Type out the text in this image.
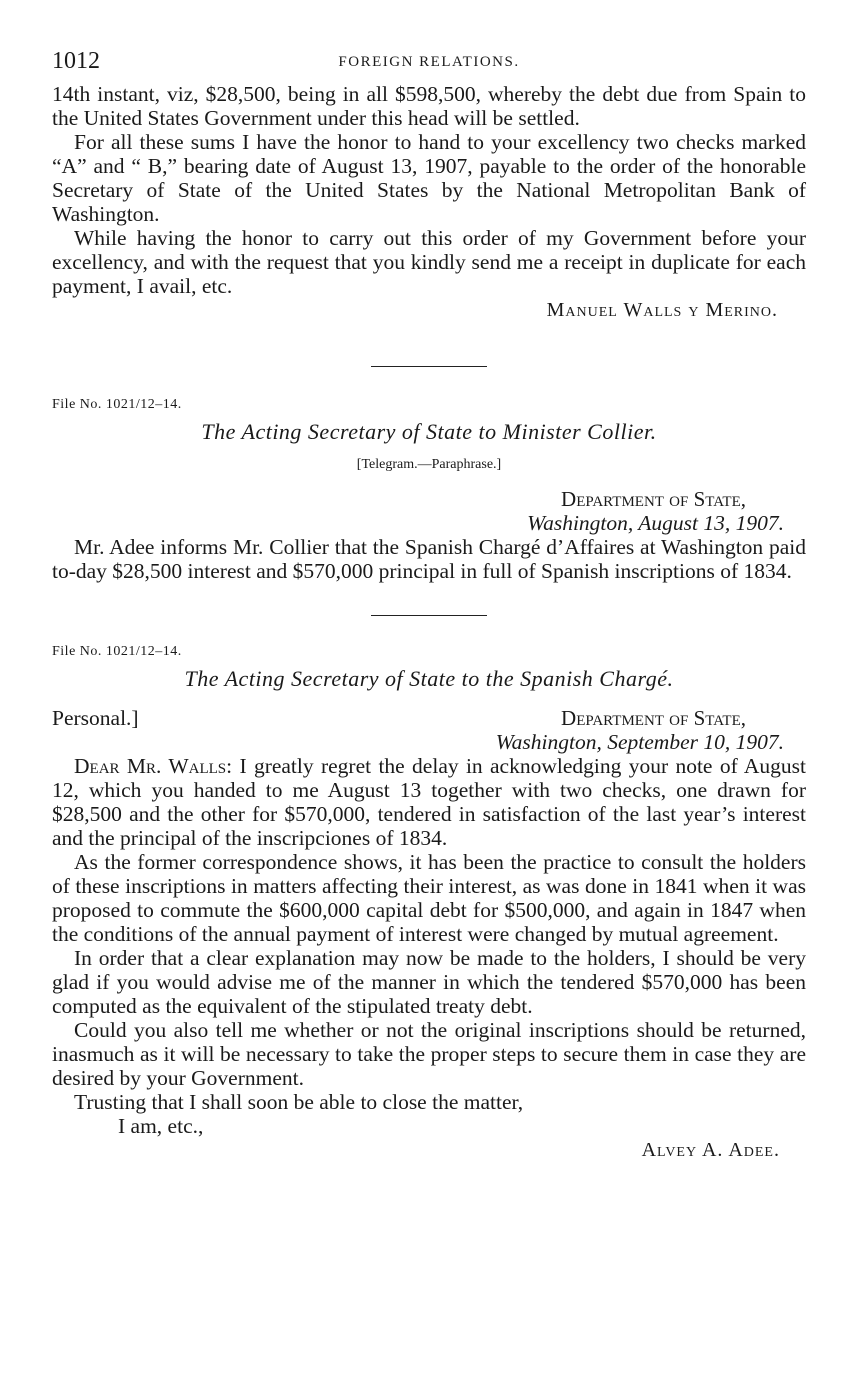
1012	FOREIGN RELATIONS.

14th instant, viz, $28,500, being in all $598,500, whereby the debt due from Spain to the United States Government under this head will be settled.

For all these sums I have the honor to hand to your excellency two checks marked “A” and “ B,” bearing date of August 13, 1907, payable to the order of the honorable Secretary of State of the United States by the National Metropolitan Bank of Washington.

While having the honor to carry out this order of my Government before your excellency, and with the request that you kindly send me a receipt in duplicate for each payment, I avail, etc.

Manuel Walls y Merino.
File No. 1021/12–14.
The Acting Secretary of State to Minister Collier.
[Telegram.—Paraphrase.]
Department of State,
Washington, August 13, 1907.

Mr. Adee informs Mr. Collier that the Spanish Chargé d’Affaires at Washington paid to-day $28,500 interest and $570,000 principal in full of Spanish inscriptions of 1834.

File No. 1021/12–14.
The Acting Secretary of State to the Spanish Chargé.
Personal.]	Department of State,
Washington, September 10, 1907.

Dear Mr. Walls: I greatly regret the delay in acknowledging your note of August 12, which you handed to me August 13 together with two checks, one drawn for $28,500 and the other for $570,000, tendered in satisfaction of the last year’s interest and the principal of the inscripciones of 1834.

As the former correspondence shows, it has been the practice to consult the holders of these inscriptions in matters affecting their interest, as was done in 1841 when it was proposed to commute the $600,000 capital debt for $500,000, and again in 1847 when the conditions of the annual payment of interest were changed by mutual agreement.

In order that a clear explanation may now be made to the holders, I should be very glad if you would advise me of the manner in which the tendered $570,000 has been computed as the equivalent of the stipulated treaty debt.

Could you also tell me whether or not the original inscriptions should be returned, inasmuch as it will be necessary to take the proper steps to secure them in case they are desired by your Government.

Trusting that I shall soon be able to close the matter,

I am, etc.,
Alvey A. Adee.
